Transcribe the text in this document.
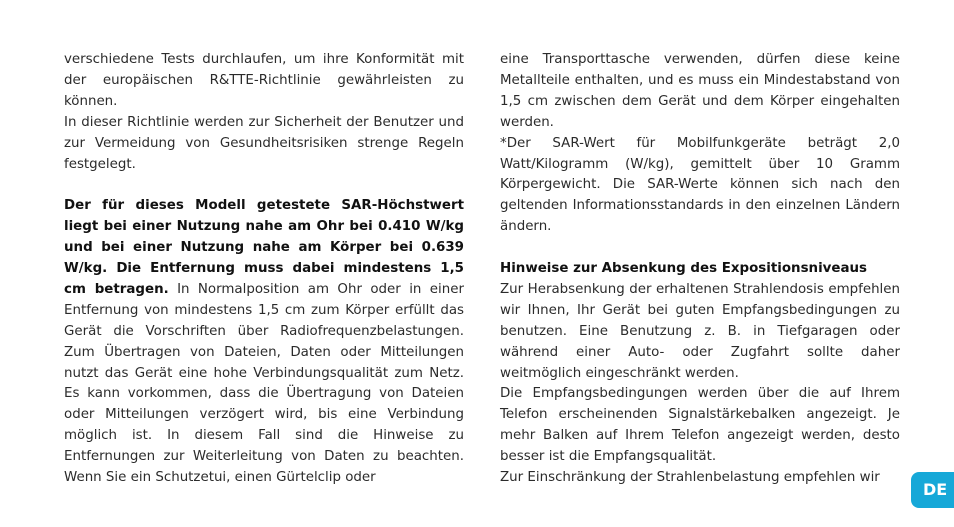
verschiedene Tests durchlaufen, um ihre Konformität mit der europäischen R&TTE-Richtlinie gewährleisten zu können.

In dieser Richtlinie werden zur Sicherheit der Benutzer und zur Vermeidung von Gesundheitsrisiken strenge Regeln festgelegt.

Der für dieses Modell getestete SAR-Höchstwert liegt bei einer Nutzung nahe am Ohr bei 0.410 W/kg und bei einer Nutzung nahe am Körper bei 0.639 W/kg. Die Entfernung muss dabei mindestens 1,5 cm betragen. In Normalposition am Ohr oder in einer Entfernung von mindestens 1,5 cm zum Körper erfüllt das Gerät die Vorschriften über Radiofrequenzbelastungen. Zum Übertragen von Dateien, Daten oder Mitteilungen nutzt das Gerät eine hohe Verbindungsqualität zum Netz. Es kann vorkommen, dass die Übertragung von Dateien oder Mitteilungen verzögert wird, bis eine Verbindung möglich ist. In diesem Fall sind die Hinweise zu Entfernungen zur Weiterleitung von Daten zu beachten. Wenn Sie ein Schutzetui, einen Gürtelclip oder

eine Transporttasche verwenden, dürfen diese keine Metallteile enthalten, und es muss ein Mindestabstand von 1,5 cm zwischen dem Gerät und dem Körper eingehalten werden.

*Der SAR-Wert für Mobilfunkgeräte beträgt 2,0 Watt/Kilogramm (W/kg), gemittelt über 10 Gramm Körpergewicht. Die SAR-Werte können sich nach den geltenden Informationsstandards in den einzelnen Ländern ändern.

Hinweise zur Absenkung des Expositionsniveaus

Zur Herabsenkung der erhaltenen Strahlendosis empfehlen wir Ihnen, Ihr Gerät bei guten Empfangsbedingungen zu benutzen. Eine Benutzung z. B. in Tiefgaragen oder während einer Auto- oder Zugfahrt sollte daher weitmöglich eingeschränkt werden.

Die Empfangsbedingungen werden über die auf Ihrem Telefon erscheinenden Signalstärkebalken angezeigt. Je mehr Balken auf Ihrem Telefon angezeigt werden, desto besser ist die Empfangsqualität.

Zur Einschränkung der Strahlenbelastung empfehlen wir

DE
